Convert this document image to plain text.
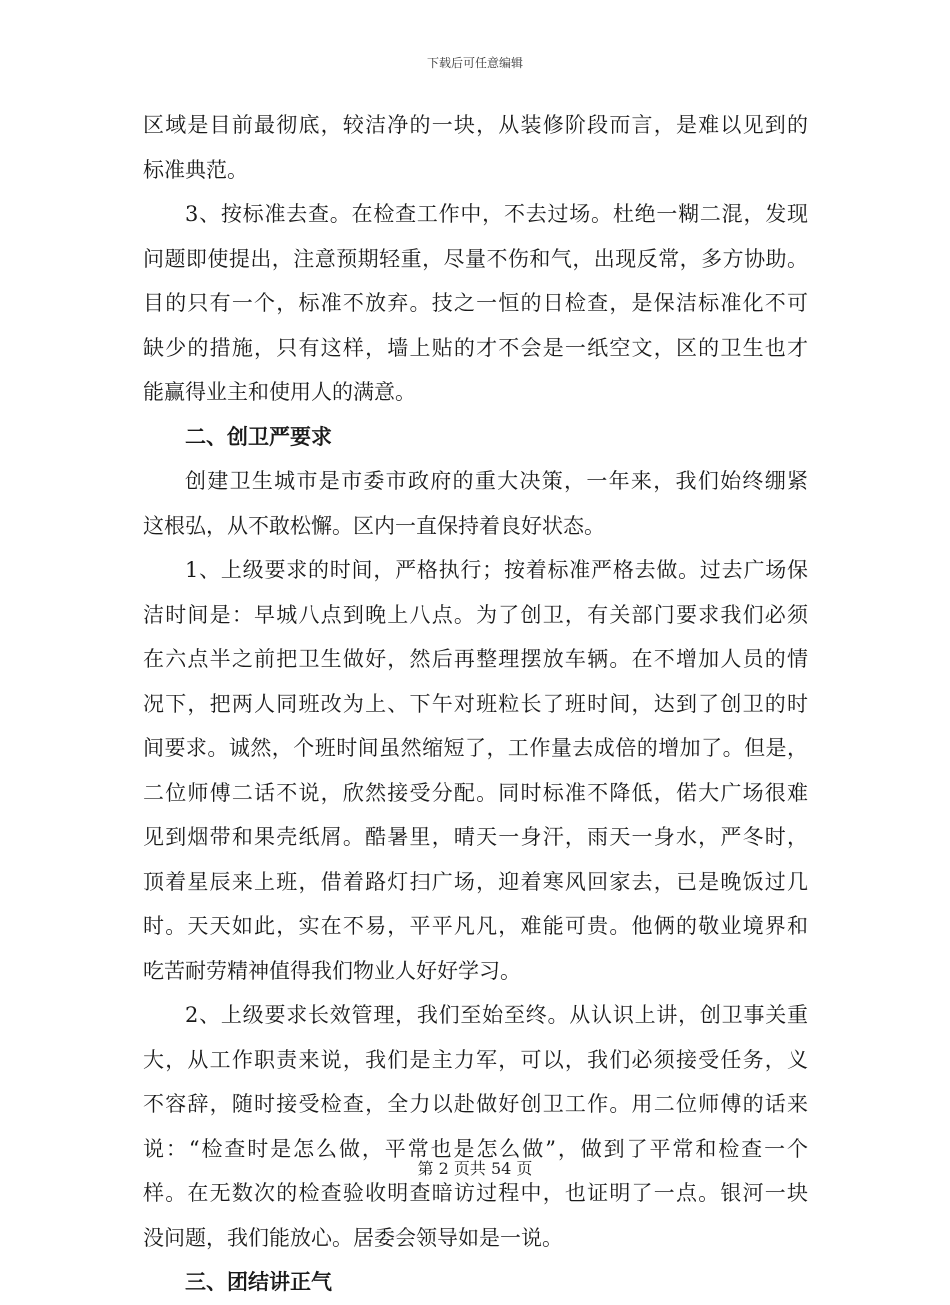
下载后可任意编辑
区域是目前最彻底，较洁净的一块，从装修阶段而言，是难以见到的
标准典范。
3、按标准去查。在检查工作中，不去过场。杜绝一糊二混，发现
问题即使提出，注意预期轻重，尽量不伤和气，出现反常，多方协助。
目的只有一个，标准不放弃。技之一恒的日检查，是保洁标准化不可
缺少的措施，只有这样，墙上贴的才不会是一纸空文，区的卫生也才
能赢得业主和使用人的满意。
二、创卫严要求
创建卫生城市是市委市政府的重大决策，一年来，我们始终绷紧
这根弘，从不敢松懈。区内一直保持着良好状态。
1、上级要求的时间，严格执行；按着标准严格去做。过去广场保
洁时间是：早城八点到晚上八点。为了创卫，有关部门要求我们必须
在六点半之前把卫生做好，然后再整理摆放车辆。在不增加人员的情
况下，把两人同班改为上、下午对班粒长了班时间，达到了创卫的时
间要求。诚然，个班时间虽然缩短了，工作量去成倍的增加了。但是，
二位师傅二话不说，欣然接受分配。同时标准不降低，偌大广场很难
见到烟带和果壳纸屑。酷暑里，晴天一身汗，雨天一身水，严冬时，
顶着星辰来上班，借着路灯扫广场，迎着寒风回家去，已是晚饭过几
时。天天如此，实在不易，平平凡凡，难能可贵。他俩的敬业境界和
吃苦耐劳精神值得我们物业人好好学习。
2、上级要求长效管理，我们至始至终。从认识上讲，创卫事关重
大，从工作职责来说，我们是主力军，可以，我们必须接受任务，义
不容辞，随时接受检查，全力以赴做好创卫工作。用二位师傅的话来
说：“检查时是怎么做，平常也是怎么做”，做到了平常和检查一个
样。在无数次的检查验收明查暗访过程中，也证明了一点。银河一块
没问题，我们能放心。居委会领导如是一说。
三、团结讲正气
第 2 页共 54 页
